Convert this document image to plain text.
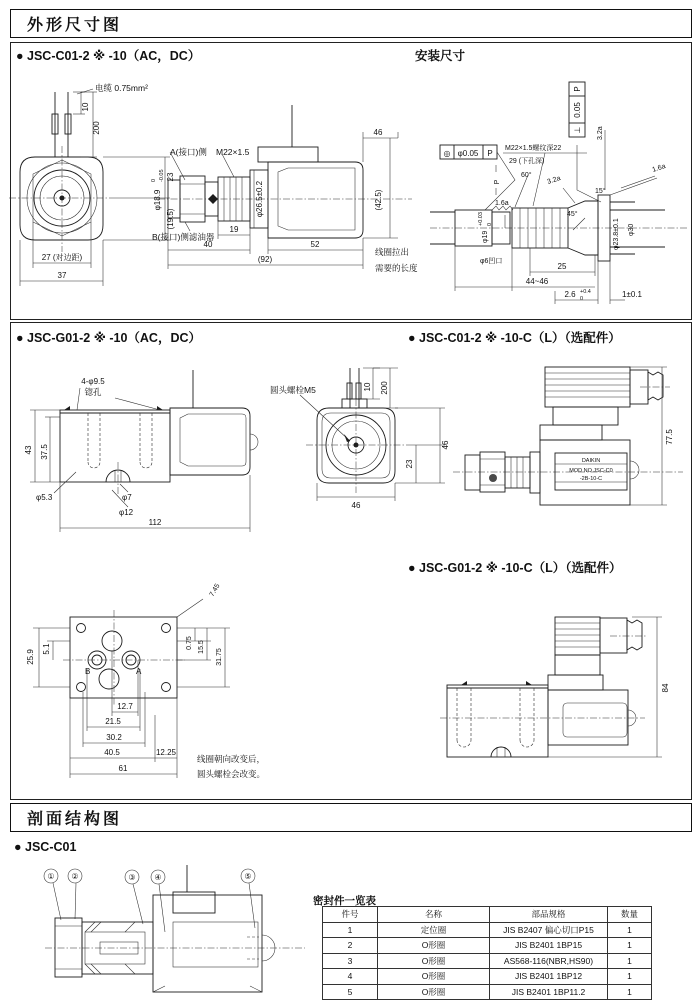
外形尺寸图
● JSC-C01-2 ※ -10（AC，DC）	安装尺寸
电缆 0.75mm²
10
200
23
(19.5)
27 (对边距)
37
A(接口)侧 M22×1.5
46
(42.5)
φ26.5±0.2
φ18.9
0 -0.05
B(接口)侧滤油器
19
40	52
(92)
线圈拉出
需要的长度
⊥
0.05
P
◎ φ0.05 P
M22×1.5螺纹深22
29 (下孔深)
60° 3.2a
3.2a
1.6a
1.6a
15°
45°
P
φ19
+0.03 0
φ6凹口
φ23.8±0.1 φ30
25
44~46
2.6 +0.4
0	1±0.1
● JSC-G01-2 ※ -10（AC，DC）	● JSC-C01-2 ※ -10-C（L）（选配件）
● JSC-G01-2 ※ -10-C（L）（选配件）
4-φ9.5
锪孔
43 37.5
φ5.3	φ7
φ12
112
圆头螺栓M5	10 200
46
23
46
77.5
DAIKIN
MOD NO JSC-C0
-2B-10-C
84
7.45
25.9
5.1	0.75 15.5
31.75
B	A
12.7
21.5
30.2
40.5	12.25
61
线圈朝向改变后，
圆头螺栓会改变。
剖面结构图
● JSC-C01
① ②	③ ④	⑤
密封件一览表
件号	名称	部品规格	数量
1	定位圈	JIS B2407 偏心切口P15	1
2	O形圈	JIS B2401 1BP15	1
3	O形圈	AS568-116(NBR,HS90)	1
4	O形圈	JIS B2401 1BP12	1
5	O形圈	JIS B2401 1BP11.2	1
